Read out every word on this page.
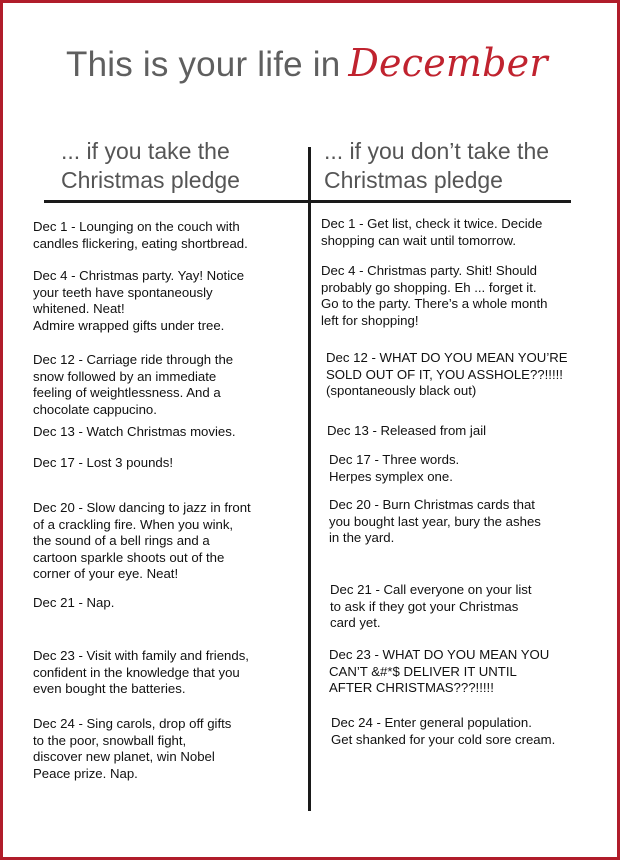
This is your life in December
... if you take the
Christmas pledge
... if you don’t take the
Christmas pledge
Dec 1 - Lounging on the couch with
candles flickering, eating shortbread.
Dec 4 - Christmas party. Yay! Notice
your teeth have spontaneously
whitened. Neat!
Admire wrapped gifts under tree.
Dec 12 - Carriage ride through the
snow followed by an immediate
feeling of weightlessness. And a
chocolate cappucino.
Dec 13 - Watch Christmas movies.
Dec 17 - Lost 3 pounds!
Dec 20 - Slow dancing to jazz in front
of a crackling fire. When you wink,
the sound of a bell rings and a
cartoon sparkle shoots out of the
corner of your eye. Neat!
Dec 21 - Nap.
Dec 23 - Visit with family and friends,
confident in the knowledge that you
even bought the batteries.
Dec 24 - Sing carols, drop off gifts
to the poor, snowball fight,
discover new planet, win Nobel
Peace prize. Nap.
Dec 1 - Get list, check it twice. Decide
shopping can wait until tomorrow.
Dec 4 - Christmas party. Shit! Should
probably go shopping. Eh ... forget it.
Go to the party. There’s a whole month
left for shopping!
Dec 12 - WHAT DO YOU MEAN YOU’RE
SOLD OUT OF IT, YOU ASSHOLE??!!!!!
(spontaneously black out)
Dec 13 - Released from jail
Dec 17 - Three words.
Herpes symplex one.
Dec 20 - Burn Christmas cards that
you bought last year, bury the ashes
in the yard.
Dec 21 - Call everyone on your list
to ask if they got your Christmas
card yet.
Dec 23 - WHAT DO YOU MEAN YOU
CAN’T &#*$ DELIVER IT UNTIL
AFTER CHRISTMAS???!!!!!
Dec 24 - Enter general population.
Get shanked for your cold sore cream.
